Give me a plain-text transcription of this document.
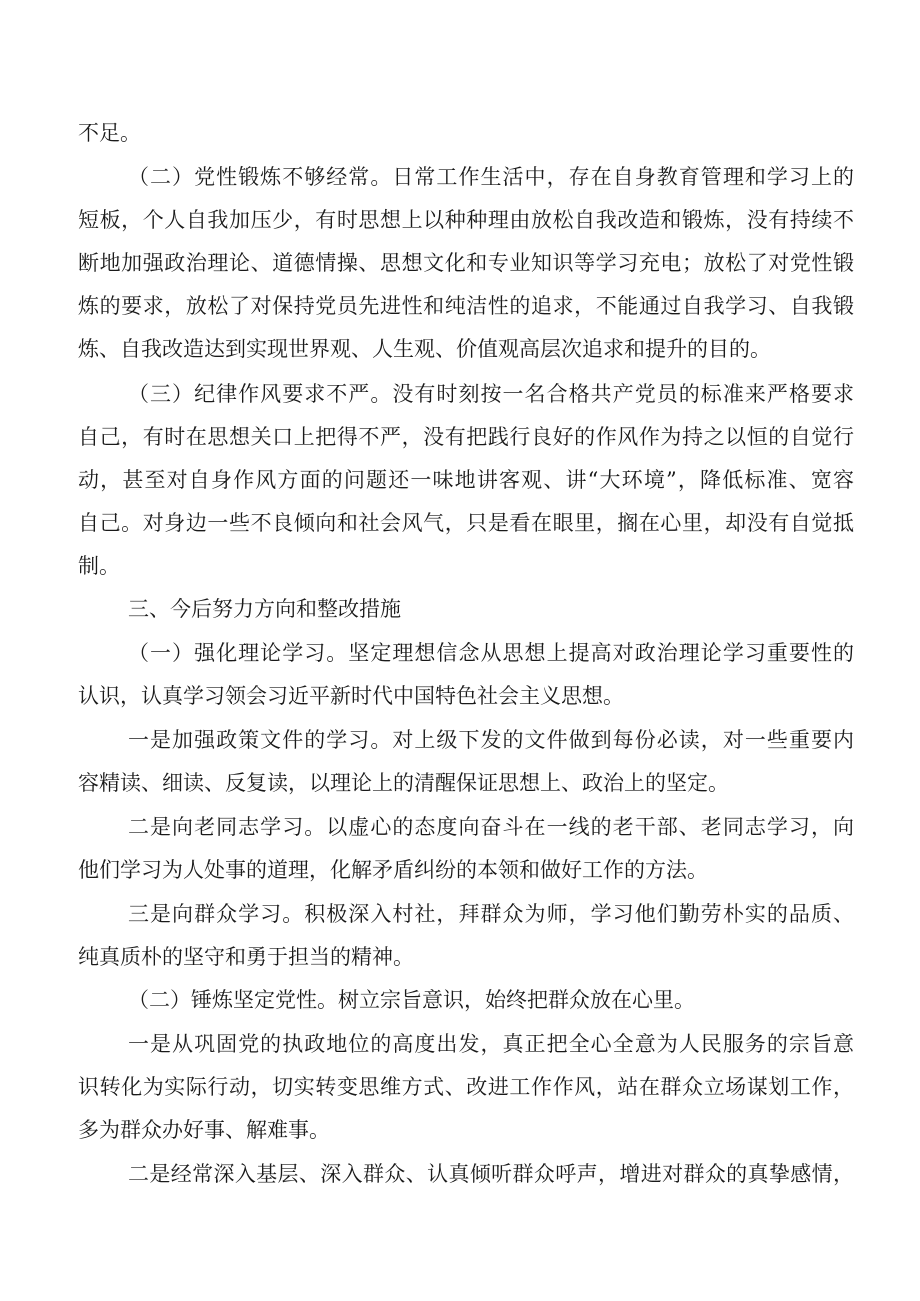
不足。
（二）党性锻炼不够经常。日常工作生活中，存在自身教育管理和学习上的
短板，个人自我加压少，有时思想上以种种理由放松自我改造和锻炼，没有持续不
断地加强政治理论、道德情操、思想文化和专业知识等学习充电；放松了对党性锻
炼的要求，放松了对保持党员先进性和纯洁性的追求，不能通过自我学习、自我锻
炼、自我改造达到实现世界观、人生观、价值观高层次追求和提升的目的。
（三）纪律作风要求不严。没有时刻按一名合格共产党员的标准来严格要求
自己，有时在思想关口上把得不严，没有把践行良好的作风作为持之以恒的自觉行
动，甚至对自身作风方面的问题还一味地讲客观、讲“大环境”，降低标准、宽容
自己。对身边一些不良倾向和社会风气，只是看在眼里，搁在心里，却没有自觉抵
制。
三、今后努力方向和整改措施
（一）强化理论学习。坚定理想信念从思想上提高对政治理论学习重要性的
认识，认真学习领会习近平新时代中国特色社会主义思想。
一是加强政策文件的学习。对上级下发的文件做到每份必读，对一些重要内
容精读、细读、反复读，以理论上的清醒保证思想上、政治上的坚定。
二是向老同志学习。以虚心的态度向奋斗在一线的老干部、老同志学习，向
他们学习为人处事的道理，化解矛盾纠纷的本领和做好工作的方法。
三是向群众学习。积极深入村社，拜群众为师，学习他们勤劳朴实的品质、
纯真质朴的坚守和勇于担当的精神。
（二）锤炼坚定党性。树立宗旨意识，始终把群众放在心里。
一是从巩固党的执政地位的高度出发，真正把全心全意为人民服务的宗旨意
识转化为实际行动，切实转变思维方式、改进工作作风，站在群众立场谋划工作，
多为群众办好事、解难事。
二是经常深入基层、深入群众、认真倾听群众呼声，增进对群众的真挚感情，
